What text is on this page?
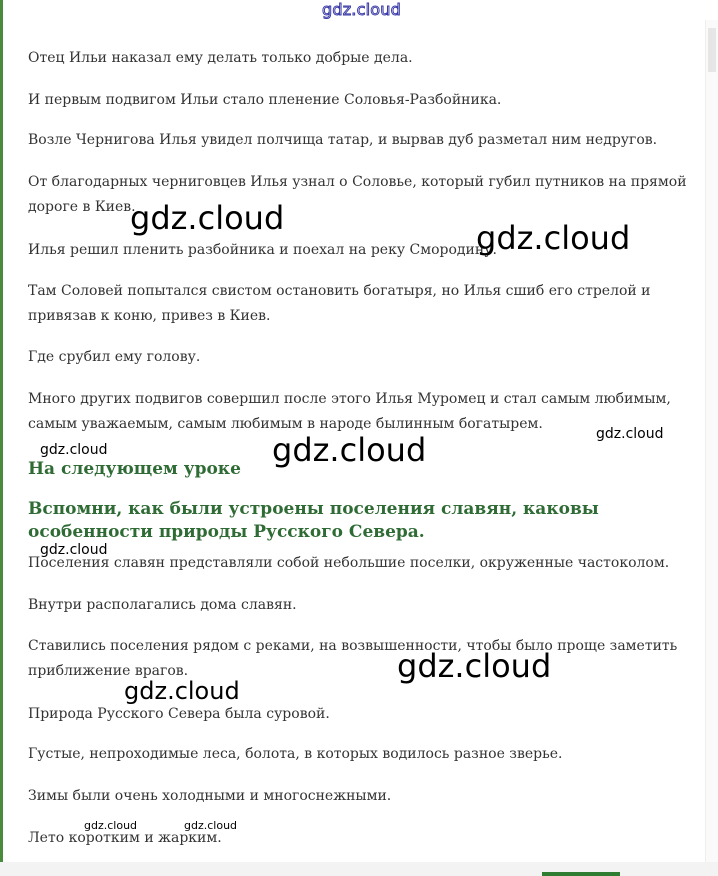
Отец Ильи наказал ему делать только добрые дела.

И первым подвигом Ильи стало пленение Соловья-Разбойника.

Возле Чернигова Илья увидел полчища татар, и вырвав дуб разметал ним недругов.

От благодарных черниговцев Илья узнал о Соловье, который губил путников на прямой дороге в Киев.

Илья решил пленить разбойника и поехал на реку Смородину.

Там Соловей попытался свистом остановить богатыря, но Илья сшиб его стрелой и привязав к коню, привез в Киев.

Где срубил ему голову.

Много других подвигов совершил после этого Илья Муромец и стал самым любимым, самым уважаемым, самым любимым в народе былинным богатырем.

На следующем уроке
Вспомни, как были устроены поселения славян, каковы особенности природы Русского Севера.

Поселения славян представляли собой небольшие поселки, окруженные частоколом.

Внутри располагались дома славян.

Ставились поселения рядом с реками, на возвышенности, чтобы было проще заметить приближение врагов.

Природа Русского Севера была суровой.

Густые, непроходимые леса, болота, в которых водилось разное зверье.

Зимы были очень холодными и многоснежными.

Лето коротким и жарким.

gdz.cloud
gdz.cloud
gdz.cloud
gdz.cloud
gdz.cloud
gdz.cloud
gdz.cloud
gdz.cloud
gdz.cloud
gdz.cloud	gdz.cloud
